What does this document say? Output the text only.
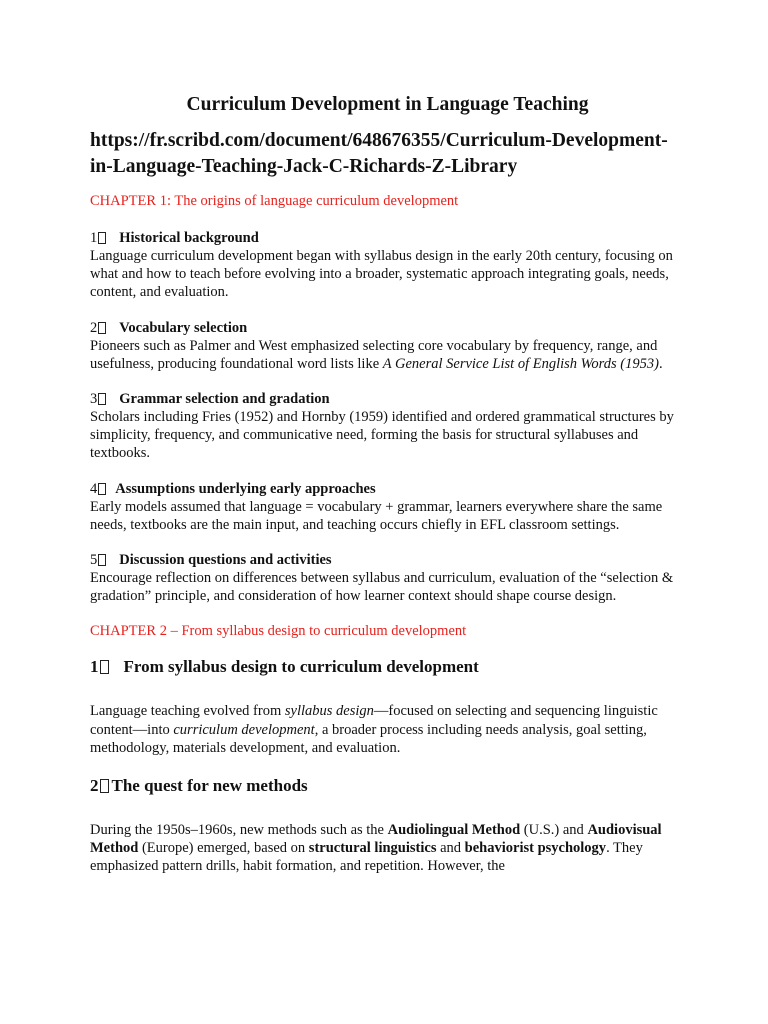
Curriculum Development in Language Teaching
https://fr.scribd.com/document/648676355/Curriculum-Development-in-Language-Teaching-Jack-C-Richards-Z-Library
CHAPTER 1: The origins of language curriculum development
1 Historical background
Language curriculum development began with syllabus design in the early 20th century, focusing on what and how to teach before evolving into a broader, systematic approach integrating goals, needs, content, and evaluation.
2 Vocabulary selection
Pioneers such as Palmer and West emphasized selecting core vocabulary by frequency, range, and usefulness, producing foundational word lists like A General Service List of English Words (1953).
3 Grammar selection and gradation
Scholars including Fries (1952) and Hornby (1959) identified and ordered grammatical structures by simplicity, frequency, and communicative need, forming the basis for structural syllabuses and textbooks.
4 Assumptions underlying early approaches
Early models assumed that language = vocabulary + grammar, learners everywhere share the same needs, textbooks are the main input, and teaching occurs chiefly in EFL classroom settings.
5 Discussion questions and activities
Encourage reflection on differences between syllabus and curriculum, evaluation of the “selection & gradation” principle, and consideration of how learner context should shape course design.
CHAPTER 2 – From syllabus design to curriculum development
1 From syllabus design to curriculum development
Language teaching evolved from syllabus design—focused on selecting and sequencing linguistic content—into curriculum development, a broader process including needs analysis, goal setting, methodology, materials development, and evaluation.
2 The quest for new methods
During the 1950s–1960s, new methods such as the Audiolingual Method (U.S.) and Audiovisual Method (Europe) emerged, based on structural linguistics and behaviorist psychology. They emphasized pattern drills, habit formation, and repetition. However, the
